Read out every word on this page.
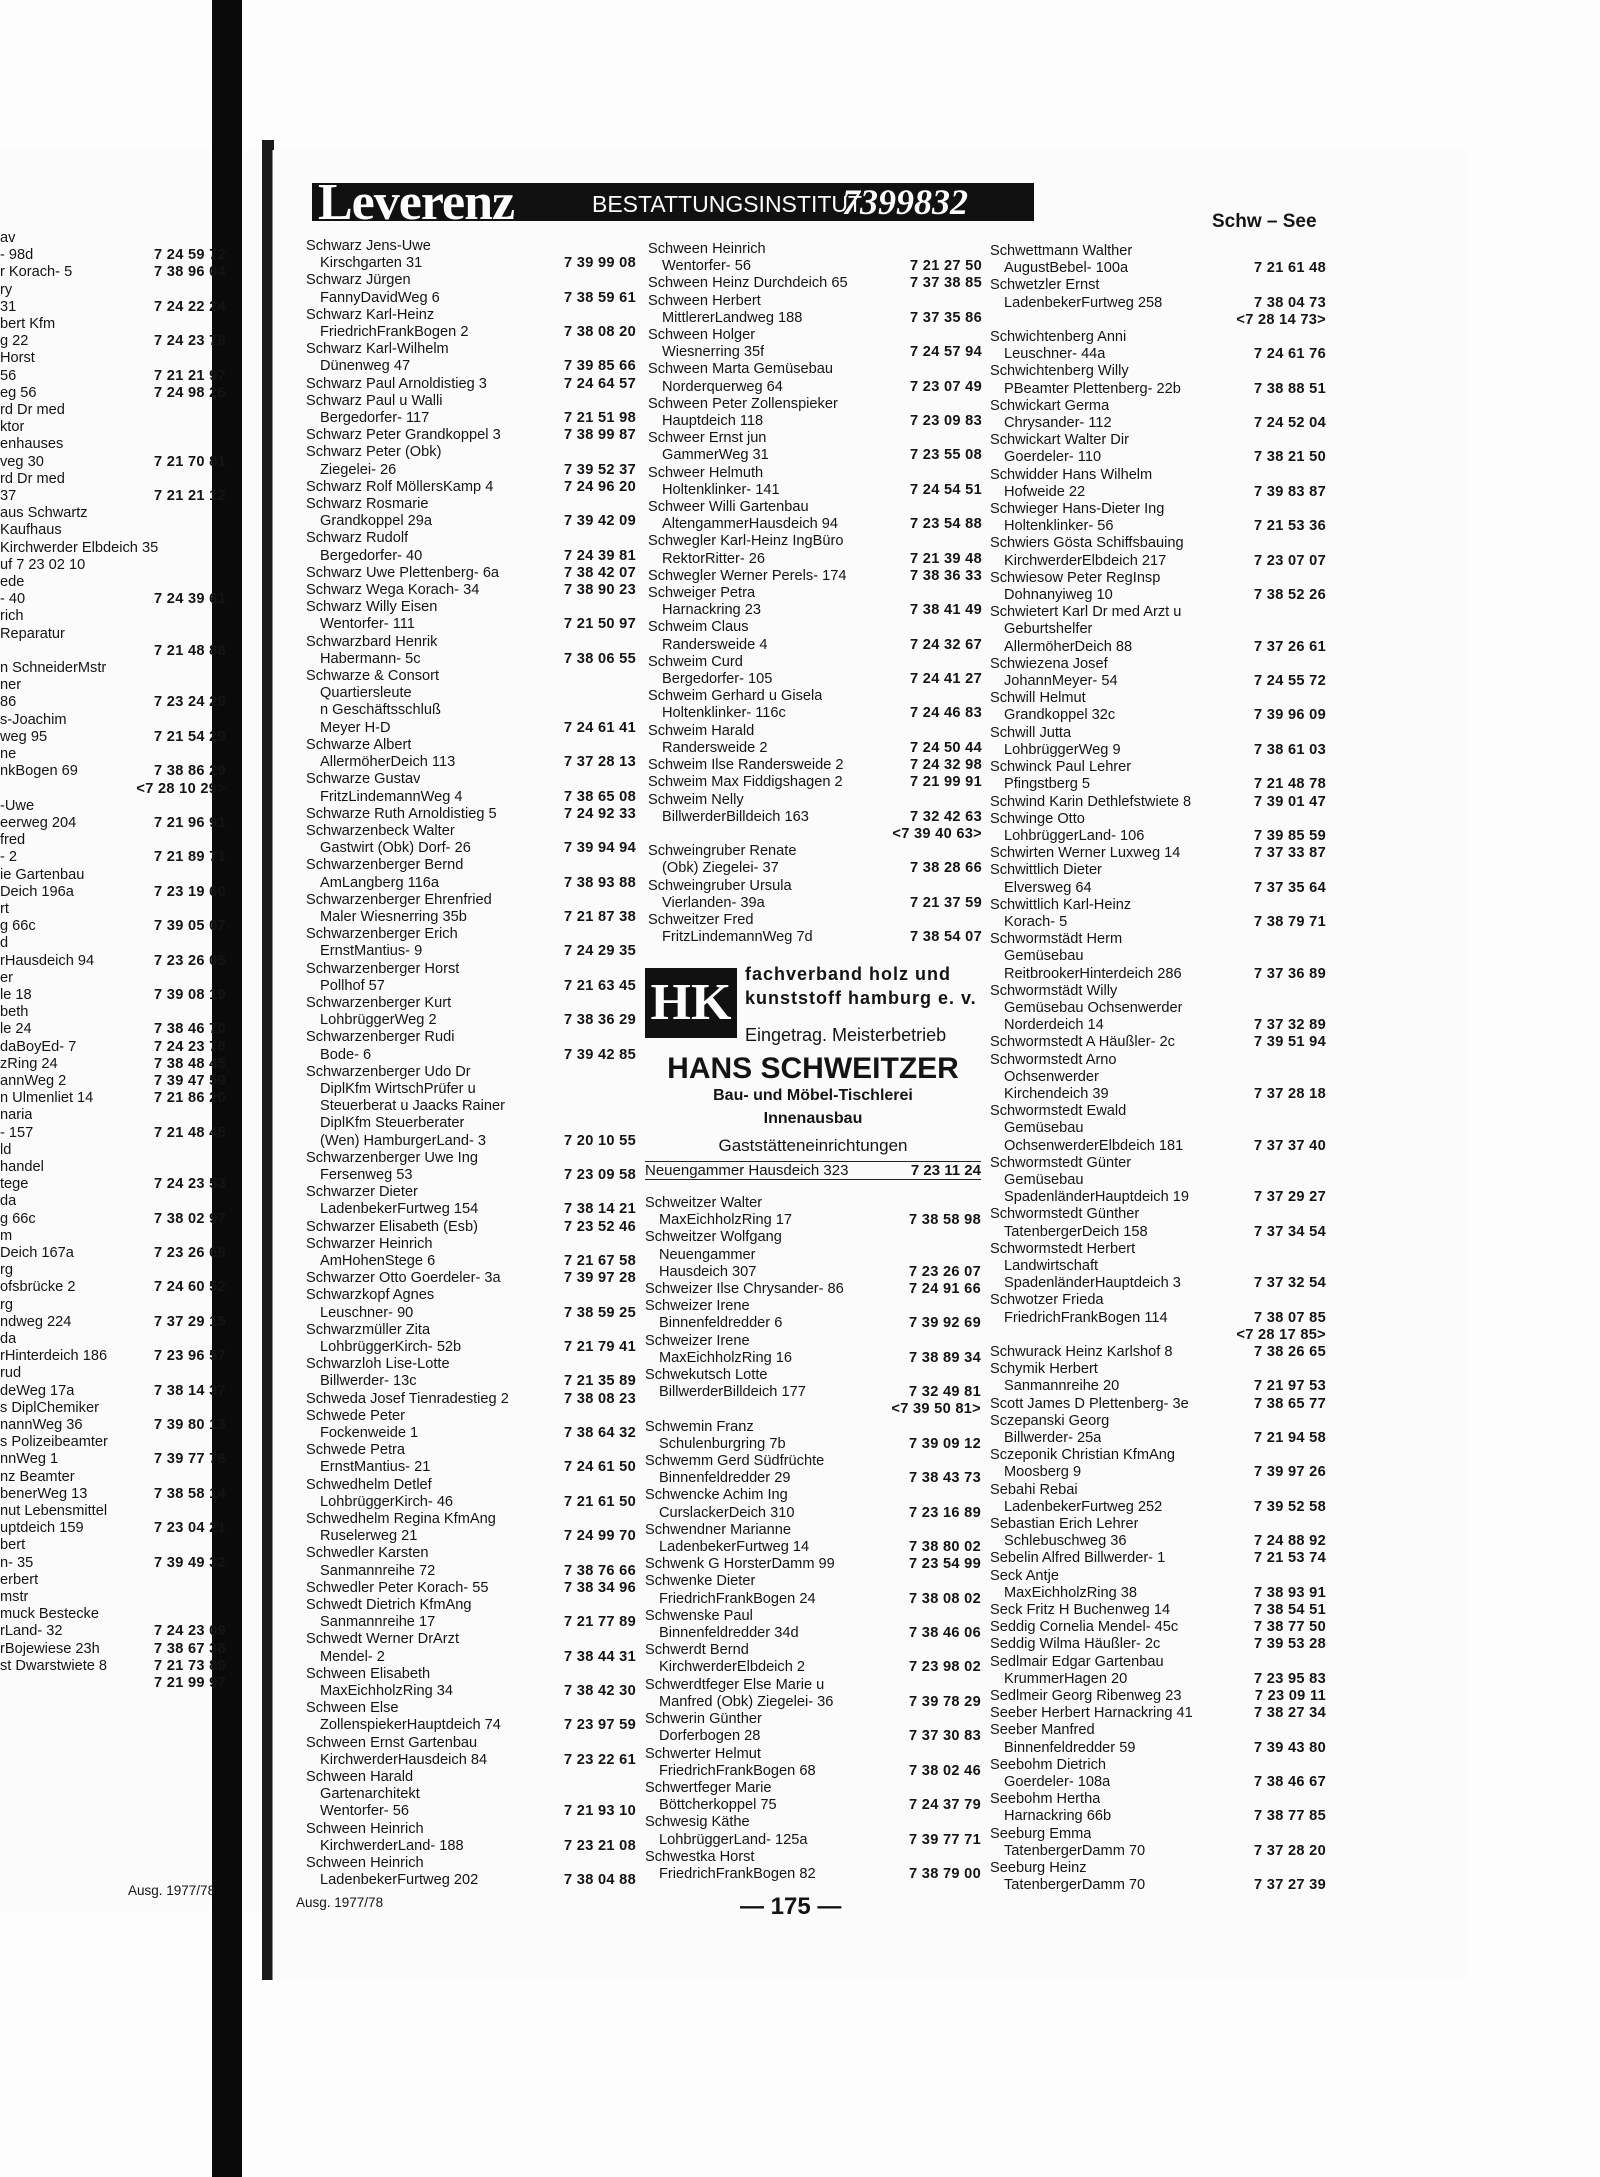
av
- 98d	7 24 59 72
r Korach- 5	7 38 96 04
ry
31	7 24 22 24
bert Kfm
g 22	7 24 23 79
Horst
56	7 21 21 97
eg 56	7 24 98 26
rd Dr med
ktor
enhauses
veg 30	7 21 70 81
rd Dr med
37	7 21 21 12
aus Schwartz
Kaufhaus
Kirchwerder Elbdeich 35
uf 7 23 02 10
ede
- 40	7 24 39 61
rich
Reparatur
7 21 48 88
n SchneiderMstr
ner
86	7 23 24 29
s-Joachim
weg 95	7 21 54 29
ne
nkBogen 69	7 38 86 29
<7 28 10 29>
-Uwe
eerweg 204	7 21 96 91
fred
- 2	7 21 89 71
ie Gartenbau
Deich 196a	7 23 19 60
rt
g 66c	7 39 05 07
d
rHausdeich 94	7 23 26 05
er
le 18	7 39 08 19
beth
le 24	7 38 46 70
daBoyEd- 7	7 24 23 78
zRing 24	7 38 48 45
annWeg 2	7 39 47 59
n Ulmenliet 14	7 21 86 20
naria
- 157	7 21 48 45
ld
handel
tege	7 24 23 53
da
g 66c	7 38 02 97
m
Deich 167a	7 23 26 69
rg
ofsbrücke 2	7 24 60 52
rg
ndweg 224	7 37 29 15
da
rHinterdeich 186	7 23 96 57
rud
deWeg 17a	7 38 14 37
s DiplChemiker
nannWeg 36	7 39 80 13
s Polizeibeamter
nnWeg 1	7 39 77 76
nz Beamter
benerWeg 13	7 38 58 14
nut Lebensmittel
uptdeich 159	7 23 04 21
bert
n- 35	7 39 49 32
erbert
mstr
muck Bestecke
rLand- 32	7 24 23 09
rBojewiese 23h	7 38 67 38
st Dwarstwiete 8	7 21 73 89
7 21 99 97
Ausg. 1977/78
Leverenz	BESTATTUNGSINSTITUT
7399832	Schw – See
Schwarz Jens-Uwe
Kirschgarten 31	7 39 99 08
Schwarz Jürgen
FannyDavidWeg 6	7 38 59 61
Schwarz Karl-Heinz
FriedrichFrankBogen 2	7 38 08 20
Schwarz Karl-Wilhelm
Dünenweg 47	7 39 85 66
Schwarz Paul Arnoldistieg 3	7 24 64 57
Schwarz Paul u Walli
Bergedorfer- 117	7 21 51 98
Schwarz Peter Grandkoppel 3	7 38 99 87
Schwarz Peter (Obk)
Ziegelei- 26	7 39 52 37
Schwarz Rolf MöllersKamp 4	7 24 96 20
Schwarz Rosmarie
Grandkoppel 29a	7 39 42 09
Schwarz Rudolf
Bergedorfer- 40	7 24 39 81
Schwarz Uwe Plettenberg- 6a	7 38 42 07
Schwarz Wega Korach- 34	7 38 90 23
Schwarz Willy Eisen
Wentorfer- 111	7 21 50 97
Schwarzbard Henrik
Habermann- 5c	7 38 06 55
Schwarze & Consort
Quartiersleute
n Geschäftsschluß
Meyer H-D	7 24 61 41
Schwarze Albert
AllermöherDeich 113	7 37 28 13
Schwarze Gustav
FritzLindemannWeg 4	7 38 65 08
Schwarze Ruth Arnoldistieg 5	7 24 92 33
Schwarzenbeck Walter
Gastwirt (Obk) Dorf- 26	7 39 94 94
Schwarzenberger Bernd
AmLangberg 116a	7 38 93 88
Schwarzenberger Ehrenfried
Maler Wiesnerring 35b	7 21 87 38
Schwarzenberger Erich
ErnstMantius- 9	7 24 29 35
Schwarzenberger Horst
Pollhof 57	7 21 63 45
Schwarzenberger Kurt
LohbrüggerWeg 2	7 38 36 29
Schwarzenberger Rudi
Bode- 6	7 39 42 85
Schwarzenberger Udo Dr
DiplKfm WirtschPrüfer u
Steuerberat u Jaacks Rainer
DiplKfm Steuerberater
(Wen) HamburgerLand- 3	7 20 10 55
Schwarzenberger Uwe Ing
Fersenweg 53	7 23 09 58
Schwarzer Dieter
LadenbekerFurtweg 154	7 38 14 21
Schwarzer Elisabeth (Esb)	7 23 52 46
Schwarzer Heinrich
AmHohenStege 6	7 21 67 58
Schwarzer Otto Goerdeler- 3a	7 39 97 28
Schwarzkopf Agnes
Leuschner- 90	7 38 59 25
Schwarzmüller Zita
LohbrüggerKirch- 52b	7 21 79 41
Schwarzloh Lise-Lotte
Billwerder- 13c	7 21 35 89
Schweda Josef Tienradestieg 2	7 38 08 23
Schwede Peter
Fockenweide 1	7 38 64 32
Schwede Petra
ErnstMantius- 21	7 24 61 50
Schwedhelm Detlef
LohbrüggerKirch- 46	7 21 61 50
Schwedhelm Regina KfmAng
Ruselerweg 21	7 24 99 70
Schwedler Karsten
Sanmannreihe 72	7 38 76 66
Schwedler Peter Korach- 55	7 38 34 96
Schwedt Dietrich KfmAng
Sanmannreihe 17	7 21 77 89
Schwedt Werner DrArzt
Mendel- 2	7 38 44 31
Schween Elisabeth
MaxEichholzRing 34	7 38 42 30
Schween Else
ZollenspiekerHauptdeich 74	7 23 97 59
Schween Ernst Gartenbau
KirchwerderHausdeich 84	7 23 22 61
Schween Harald
Gartenarchitekt
Wentorfer- 56	7 21 93 10
Schween Heinrich
KirchwerderLand- 188	7 23 21 08
Schween Heinrich
LadenbekerFurtweg 202	7 38 04 88
Schween Heinrich
Wentorfer- 56	7 21 27 50
Schween Heinz Durchdeich 65	7 37 38 85
Schween Herbert
MittlererLandweg 188	7 37 35 86
Schween Holger
Wiesnerring 35f	7 24 57 94
Schween Marta Gemüsebau
Norderquerweg 64	7 23 07 49
Schween Peter Zollenspieker
Hauptdeich 118	7 23 09 83
Schweer Ernst jun
GammerWeg 31	7 23 55 08
Schweer Helmuth
Holtenklinker- 141	7 24 54 51
Schweer Willi Gartenbau
AltengammerHausdeich 94	7 23 54 88
Schwegler Karl-Heinz IngBüro
RektorRitter- 26	7 21 39 48
Schwegler Werner Perels- 174	7 38 36 33
Schweiger Petra
Harnackring 23	7 38 41 49
Schweim Claus
Randersweide 4	7 24 32 67
Schweim Curd
Bergedorfer- 105	7 24 41 27
Schweim Gerhard u Gisela
Holtenklinker- 116c	7 24 46 83
Schweim Harald
Randersweide 2	7 24 50 44
Schweim Ilse Randersweide 2	7 24 32 98
Schweim Max Fiddigshagen 2	7 21 99 91
Schweim Nelly
BillwerderBilldeich 163	7 32 42 63
<7 39 40 63>
Schweingruber Renate
(Obk) Ziegelei- 37	7 38 28 66
Schweingruber Ursula
Vierlanden- 39a	7 21 37 59
Schweitzer Fred
FritzLindemannWeg 7d	7 38 54 07
HK fachverband holz und
kunststoff hamburg e. v.
Eingetrag. Meisterbetrieb
HANS SCHWEITZER
Bau- und Möbel-Tischlerei
Innenausbau
Gaststätteneinrichtungen
Neuengammer Hausdeich 323	7 23 11 24
Schweitzer Walter
MaxEichholzRing 17	7 38 58 98
Schweitzer Wolfgang
Neuengammer
Hausdeich 307	7 23 26 07
Schweizer Ilse Chrysander- 86	7 24 91 66
Schweizer Irene
Binnenfeldredder 6	7 39 92 69
Schweizer Irene
MaxEichholzRing 16	7 38 89 34
Schwekutsch Lotte
BillwerderBilldeich 177	7 32 49 81
<7 39 50 81>
Schwemin Franz
Schulenburgring 7b	7 39 09 12
Schwemm Gerd Südfrüchte
Binnenfeldredder 29	7 38 43 73
Schwencke Achim Ing
CurslackerDeich 310	7 23 16 89
Schwendner Marianne
LadenbekerFurtweg 14	7 38 80 02
Schwenk G HorsterDamm 99	7 23 54 99
Schwenke Dieter
FriedrichFrankBogen 24	7 38 08 02
Schwenske Paul
Binnenfeldredder 34d	7 38 46 06
Schwerdt Bernd
KirchwerderElbdeich 2	7 23 98 02
Schwerdtfeger Else Marie u
Manfred (Obk) Ziegelei- 36	7 39 78 29
Schwerin Günther
Dorferbogen 28	7 37 30 83
Schwerter Helmut
FriedrichFrankBogen 68	7 38 02 46
Schwertfeger Marie
Böttcherkoppel 75	7 24 37 79
Schwesig Käthe
LohbrüggerLand- 125a	7 39 77 71
Schwestka Horst
FriedrichFrankBogen 82	7 38 79 00
Schwettmann Walther
AugustBebel- 100a	7 21 61 48
Schwetzler Ernst
LadenbekerFurtweg 258	7 38 04 73
<7 28 14 73>
Schwichtenberg Anni
Leuschner- 44a	7 24 61 76
Schwichtenberg Willy
PBeamter Plettenberg- 22b	7 38 88 51
Schwickart Germa
Chrysander- 112	7 24 52 04
Schwickart Walter Dir
Goerdeler- 110	7 38 21 50
Schwidder Hans Wilhelm
Hofweide 22	7 39 83 87
Schwieger Hans-Dieter Ing
Holtenklinker- 56	7 21 53 36
Schwiers Gösta Schiffsbauing
KirchwerderElbdeich 217	7 23 07 07
Schwiesow Peter RegInsp
Dohnanyiweg 10	7 38 52 26
Schwietert Karl Dr med Arzt u
Geburtshelfer
AllermöherDeich 88	7 37 26 61
Schwiezena Josef
JohannMeyer- 54	7 24 55 72
Schwill Helmut
Grandkoppel 32c	7 39 96 09
Schwill Jutta
LohbrüggerWeg 9	7 38 61 03
Schwinck Paul Lehrer
Pfingstberg 5	7 21 48 78
Schwind Karin Dethlefstwiete 8	7 39 01 47
Schwinge Otto
LohbrüggerLand- 106	7 39 85 59
Schwirten Werner Luxweg 14	7 37 33 87
Schwittlich Dieter
Elversweg 64	7 37 35 64
Schwittlich Karl-Heinz
Korach- 5	7 38 79 71
Schwormstädt Herm
Gemüsebau
ReitbrookerHinterdeich 286	7 37 36 89
Schwormstädt Willy
Gemüsebau Ochsenwerder
Norderdeich 14	7 37 32 89
Schwormstedt A Häußler- 2c	7 39 51 94
Schwormstedt Arno
Ochsenwerder
Kirchendeich 39	7 37 28 18
Schwormstedt Ewald
Gemüsebau
OchsenwerderElbdeich 181	7 37 37 40
Schwormstedt Günter
Gemüsebau
SpadenländerHauptdeich 19	7 37 29 27
Schwormstedt Günther
TatenbergerDeich 158	7 37 34 54
Schwormstedt Herbert
Landwirtschaft
SpadenländerHauptdeich 3	7 37 32 54
Schwotzer Frieda
FriedrichFrankBogen 114	7 38 07 85
<7 28 17 85>
Schwurack Heinz Karlshof 8	7 38 26 65
Schymik Herbert
Sanmannreihe 20	7 21 97 53
Scott James D Plettenberg- 3e	7 38 65 77
Sczepanski Georg
Billwerder- 25a	7 21 94 58
Sczeponik Christian KfmAng
Moosberg 9	7 39 97 26
Sebahi Rebai
LadenbekerFurtweg 252	7 39 52 58
Sebastian Erich Lehrer
Schlebuschweg 36	7 24 88 92
Sebelin Alfred Billwerder- 1	7 21 53 74
Seck Antje
MaxEichholzRing 38	7 38 93 91
Seck Fritz H Buchenweg 14	7 38 54 51
Seddig Cornelia Mendel- 45c	7 38 77 50
Seddig Wilma Häußler- 2c	7 39 53 28
Sedlmair Edgar Gartenbau
KrummerHagen 20	7 23 95 83
Sedlmeir Georg Ribenweg 23	7 23 09 11
Seeber Herbert Harnackring 41	7 38 27 34
Seeber Manfred
Binnenfeldredder 59	7 39 43 80
Seebohm Dietrich
Goerdeler- 108a	7 38 46 67
Seebohm Hertha
Harnackring 66b	7 38 77 85
Seeburg Emma
TatenbergerDamm 70	7 37 28 20
Seeburg Heinz
TatenbergerDamm 70	7 37 27 39
Ausg. 1977/78	— 175 —
